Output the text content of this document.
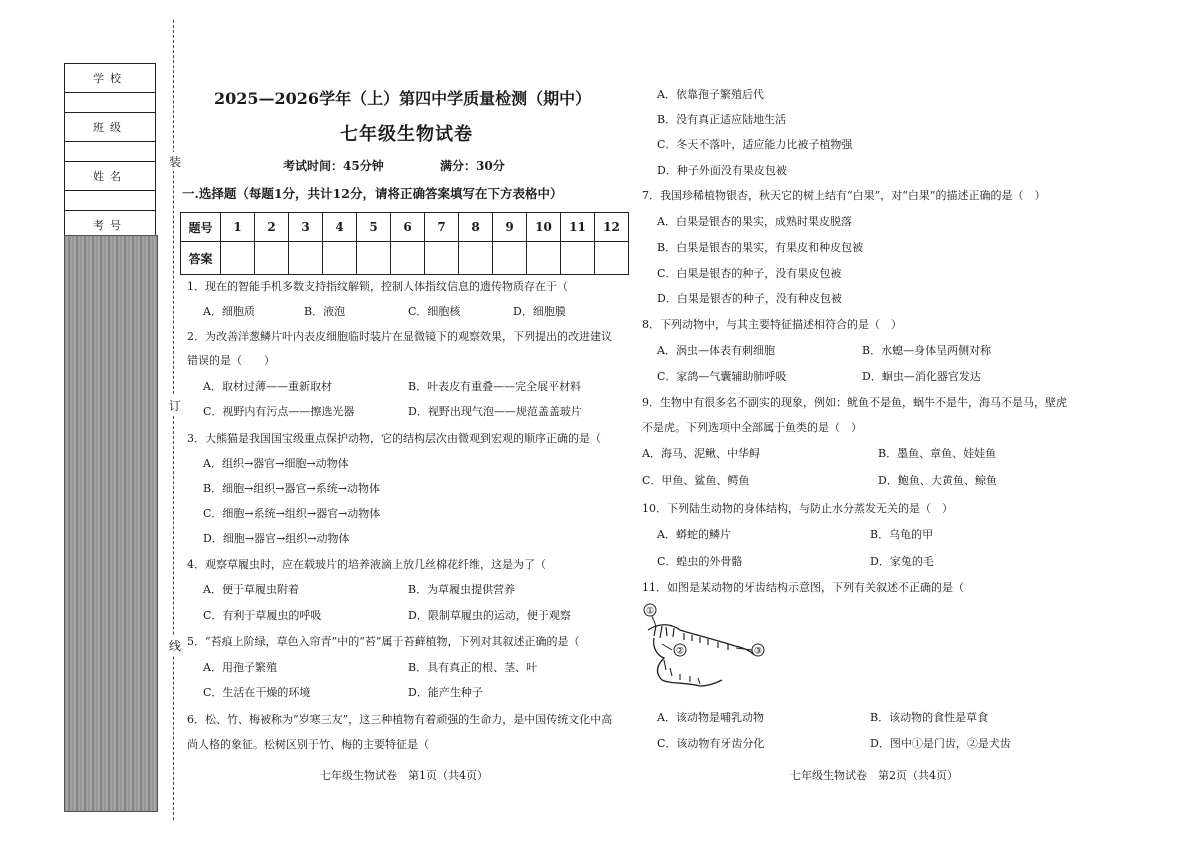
学校

班级

姓名

考号

装
订
线
2025—2026学年（上）第四中学质量检测（期中）
七年级生物试卷
考试时间：45分钟	满分：30分
一.选择题（每题1分，共计12分，请将正确答案填写在下方表格中）
题号	1	2	3	4	5	6	7	8	9	10	11	12
答案												
1．现在的智能手机多数支持指纹解锁，控制人体指纹信息的遗传物质存在于（
A．细胞质	B．液泡	C．细胞核	D．细胞膜
2．为改善洋葱鳞片叶内表皮细胞临时装片在显微镜下的观察效果，下列提出的改进建议
错误的是（　　）
A．取材过薄——重新取材	B．叶表皮有重叠——完全展平材料
C．视野内有污点——擦选光器	D．视野出现气泡——规范盖盖玻片
3．大熊猫是我国国宝级重点保护动物，它的结构层次由微观到宏观的顺序正确的是（
A．组织→器官→细胞→动物体
B．细胞→组织→器官→系统→动物体
C．细胞→系统→组织→器官→动物体
D．细胞→器官→组织→动物体
4．观察草履虫时，应在载玻片的培养液滴上放几丝棉花纤维，这是为了（
A．便于草履虫附着	B．为草履虫提供营养
C．有利于草履虫的呼吸	D．限制草履虫的运动，便于观察
5．“苔痕上阶绿，草色入帘青”中的“苔”属于苔藓植物，下列对其叙述正确的是（
A．用孢子繁殖	B．具有真正的根、茎、叶
C．生活在干燥的环境	D．能产生种子
6．松、竹、梅被称为“岁寒三友”，这三种植物有着顽强的生命力，是中国传统文化中高
尚人格的象征。松树区别于竹、梅的主要特征是（
七年级生物试卷　第1页（共4页）
A．依靠孢子繁殖后代
B．没有真正适应陆地生活
C．冬天不落叶，适应能力比被子植物强
D．种子外面没有果皮包被
7．我国珍稀植物银杏，秋天它的树上结有“白果”，对“白果”的描述正确的是（　）
A．白果是银杏的果实，成熟时果皮脱落
B．白果是银杏的果实，有果皮和种皮包被
C．白果是银杏的种子，没有果皮包被
D．白果是银杏的种子，没有种皮包被
8．下列动物中，与其主要特征描述相符合的是（　）
A．涡虫—体表有刺细胞	B．水螅—身体呈两侧对称
C．家鸽—气囊辅助肺呼吸	D．蛔虫—消化器官发达
9．生物中有很多名不副实的现象，例如：鱿鱼不是鱼，蜗牛不是牛，海马不是马，壁虎
不是虎。下列选项中全部属于鱼类的是（　）
A．海马、泥鳅、中华鲟	B．墨鱼、章鱼、娃娃鱼
C．甲鱼、鲨鱼、鳄鱼	D．鲍鱼、大黄鱼、鲸鱼
10．下列陆生动物的身体结构，与防止水分蒸发无关的是（　）
A．蟒蛇的鳞片	B．乌龟的甲
C．蝗虫的外骨骼	D．家兔的毛
11．如图是某动物的牙齿结构示意图，下列有关叙述不正确的是（
①
②	③
A．该动物是哺乳动物	B．该动物的食性是草食
C．该动物有牙齿分化	D．图中①是门齿，②是犬齿
七年级生物试卷　第2页（共4页）
